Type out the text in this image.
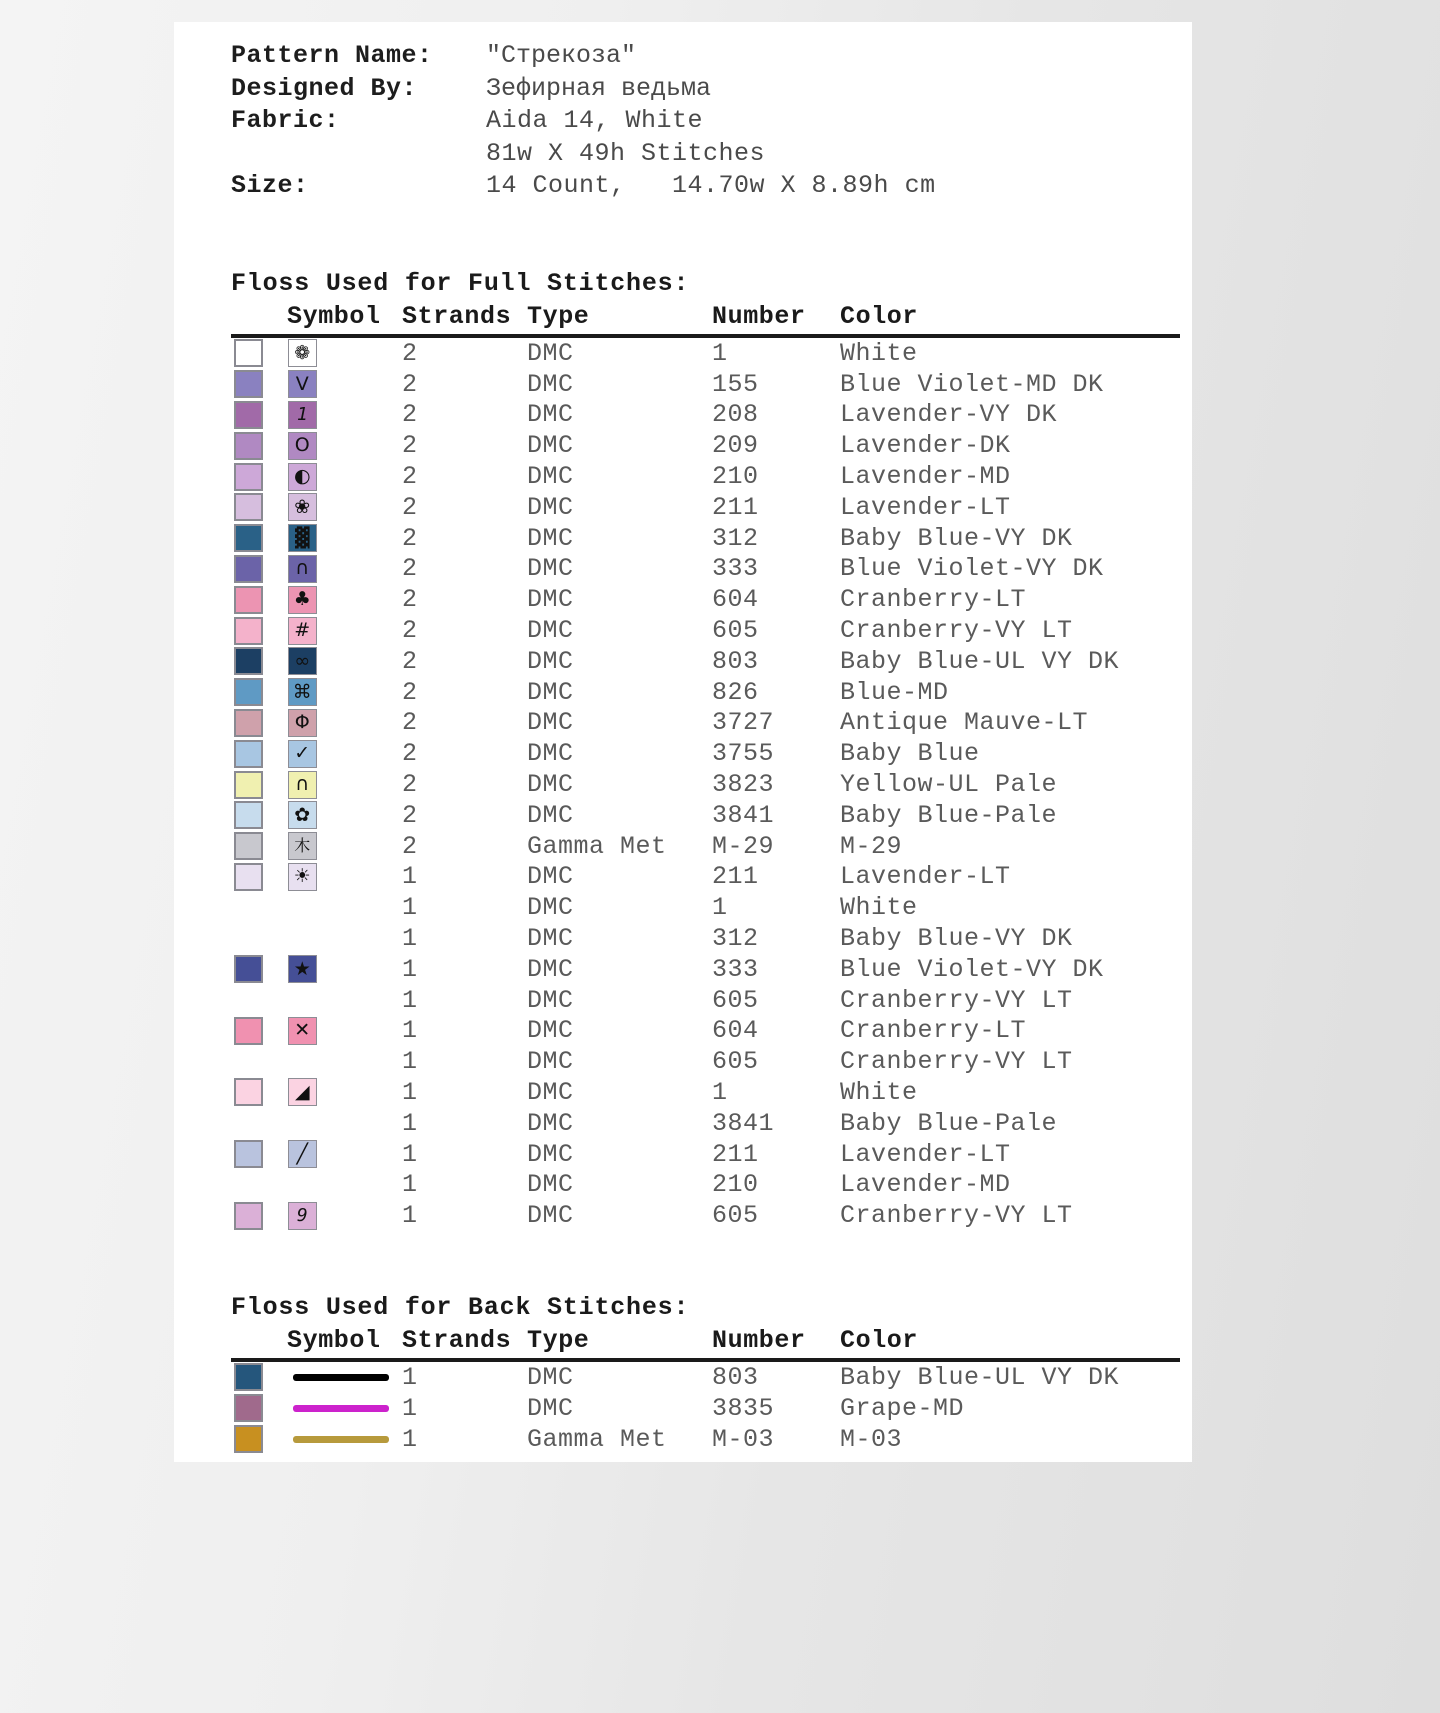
Pattern Name:	"Стрекоза"
Designed By:	Зефирная ведьма
Fabric:	Aida 14, White
81w X 49h Stitches
Size:	14 Count,   14.70w X 8.89h cm
Floss Used for Full Stitches:
	Symbol	Strands	Type	Number	Color

❁	2	DMC	1	White

V	2	DMC	155	Blue Violet-MD DK

1	2	DMC	208	Lavender-VY DK

O	2	DMC	209	Lavender-DK

◐	2	DMC	210	Lavender-MD

❀	2	DMC	211	Lavender-LT

▓	2	DMC	312	Baby Blue-VY DK

∩	2	DMC	333	Blue Violet-VY DK

♣	2	DMC	604	Cranberry-LT

#	2	DMC	605	Cranberry-VY LT

∞	2	DMC	803	Baby Blue-UL VY DK

⌘	2	DMC	826	Blue-MD

Φ	2	DMC	3727	Antique Mauve-LT

✓	2	DMC	3755	Baby Blue

∩	2	DMC	3823	Yellow-UL Pale

✿	2	DMC	3841	Baby Blue-Pale

木	2	Gamma Met	M-29	M-29

☀	1	DMC	211	Lavender-LT

	1	DMC	1	White

	1	DMC	312	Baby Blue-VY DK

★	1	DMC	333	Blue Violet-VY DK

	1	DMC	605	Cranberry-VY LT

✕	1	DMC	604	Cranberry-LT

	1	DMC	605	Cranberry-VY LT

◢	1	DMC	1	White

	1	DMC	3841	Baby Blue-Pale

╱	1	DMC	211	Lavender-LT

	1	DMC	210	Lavender-MD

9	1	DMC	605	Cranberry-VY LT
Floss Used for Back Stitches:
	Symbol	Strands	Type	Number	Color

	1	DMC	803	Baby Blue-UL VY DK

	1	DMC	3835	Grape-MD

	1	Gamma Met	M-03	M-03
